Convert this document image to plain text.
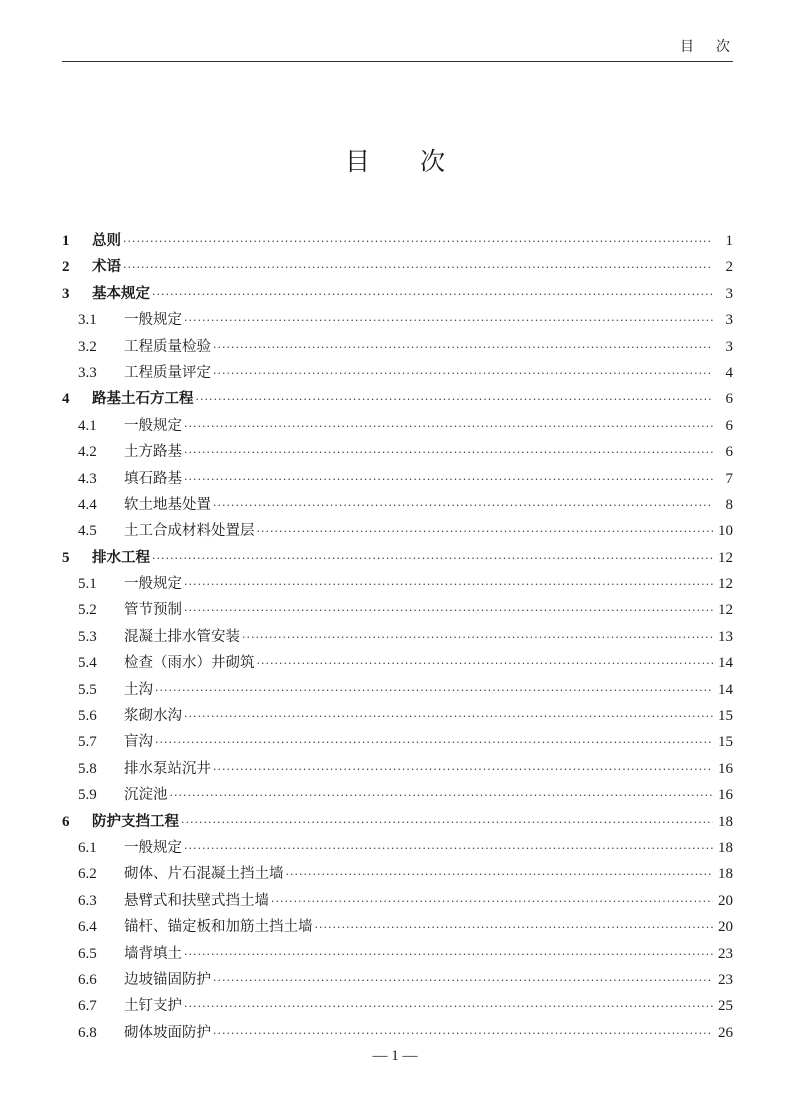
目次
目次
1	总则 ·····	1
2	术语 ·····	2
3	基本规定 ·····	3
3.1	一般规定 ·····	3
3.2	工程质量检验 ·····	3
3.3	工程质量评定 ·····	4
4	路基土石方工程 ·····	6
4.1	一般规定 ·····	6
4.2	土方路基 ·····	6
4.3	填石路基 ·····	7
4.4	软土地基处置 ·····	8
4.5	土工合成材料处置层 ·····	10
5	排水工程 ·····	12
5.1	一般规定 ·····	12
5.2	管节预制 ·····	12
5.3	混凝土排水管安装 ·····	13
5.4	检查（雨水）井砌筑 ·····	14
5.5	土沟 ·····	14
5.6	浆砌水沟 ·····	15
5.7	盲沟 ·····	15
5.8	排水泵站沉井 ·····	16
5.9	沉淀池 ·····	16
6	防护支挡工程 ·····	18
6.1	一般规定 ·····	18
6.2	砌体、片石混凝土挡土墙 ·····	18
6.3	悬臂式和扶壁式挡土墙 ·····	20
6.4	锚杆、锚定板和加筋土挡土墙 ·····	20
6.5	墙背填土 ·····	23
6.6	边坡锚固防护 ·····	23
6.7	土钉支护 ·····	25
6.8	砌体坡面防护 ·····	26
— 1 —
